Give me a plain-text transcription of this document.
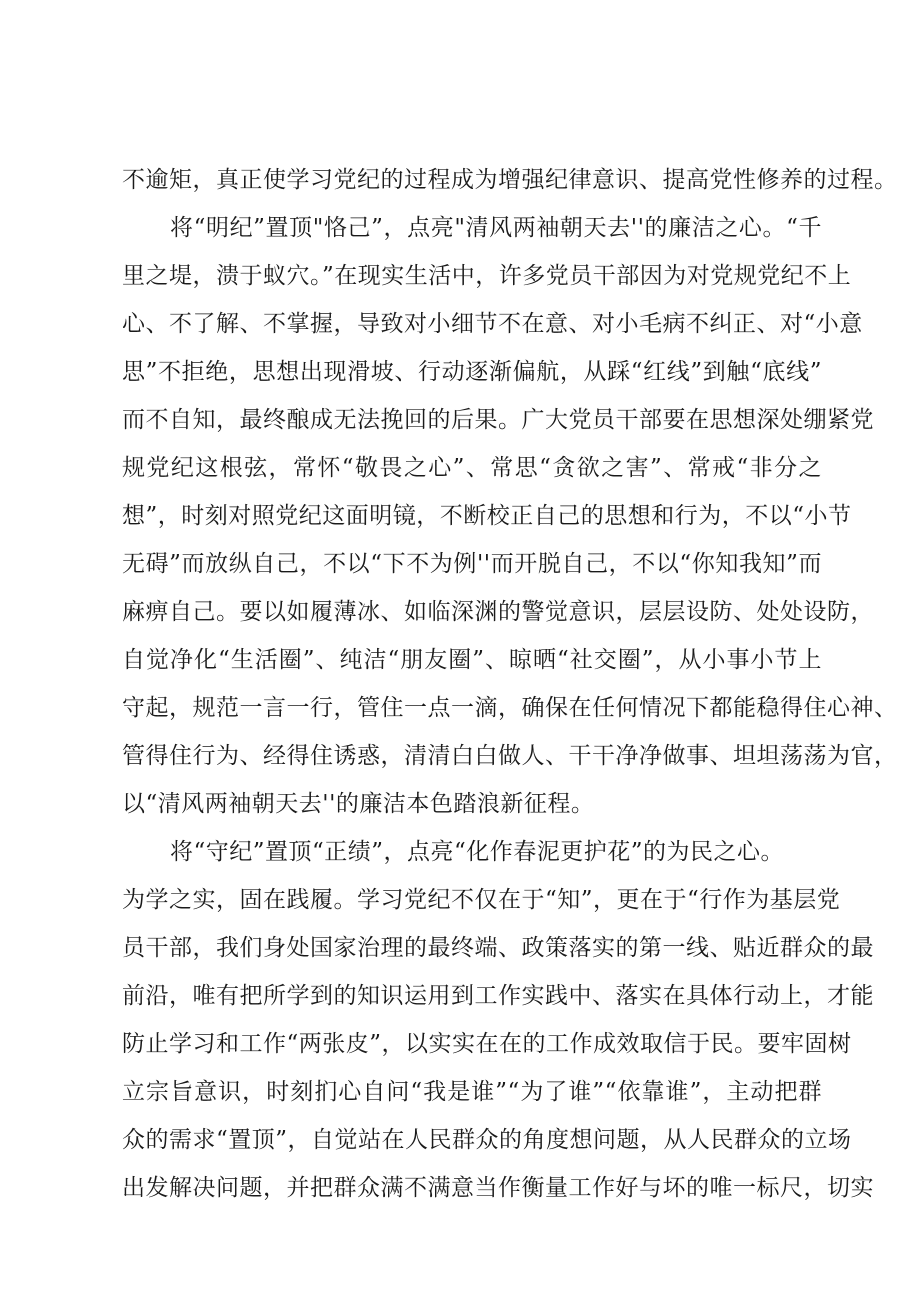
不逾矩，真正使学习党纪的过程成为增强纪律意识、提高党性修养的过程。
将“明纪”置顶"恪己”，点亮"清风两袖朝天去''的廉洁之心。“千
里之堤，溃于蚁穴。”在现实生活中，许多党员干部因为对党规党纪不上
心、不了解、不掌握，导致对小细节不在意、对小毛病不纠正、对“小意
思”不拒绝，思想出现滑坡、行动逐渐偏航，从踩“红线”到触“底线”
而不自知，最终酿成无法挽回的后果。广大党员干部要在思想深处绷紧党
规党纪这根弦，常怀“敬畏之心”、常思“贪欲之害”、常戒“非分之
想”，时刻对照党纪这面明镜，不断校正自己的思想和行为，不以“小节
无碍”而放纵自己，不以“下不为例''而开脱自己，不以“你知我知”而
麻痹自己。要以如履薄冰、如临深渊的警觉意识，层层设防、处处设防，
自觉净化“生活圈”、纯洁“朋友圈”、晾晒“社交圈”，从小事小节上
守起，规范一言一行，管住一点一滴，确保在任何情况下都能稳得住心神、
管得住行为、经得住诱惑，清清白白做人、干干净净做事、坦坦荡荡为官，
以“清风两袖朝天去''的廉洁本色踏浪新征程。
将“守纪”置顶“正绩”，点亮“化作春泥更护花”的为民之心。
为学之实，固在践履。学习党纪不仅在于“知”，更在于“行作为基层党
员干部，我们身处国家治理的最终端、政策落实的第一线、贴近群众的最
前沿，唯有把所学到的知识运用到工作实践中、落实在具体行动上，才能
防止学习和工作“两张皮”，以实实在在的工作成效取信于民。要牢固树
立宗旨意识，时刻扪心自问“我是谁”“为了谁”“依靠谁”，主动把群
众的需求“置顶”，自觉站在人民群众的角度想问题，从人民群众的立场
出发解决问题，并把群众满不满意当作衡量工作好与坏的唯一标尺，切实
